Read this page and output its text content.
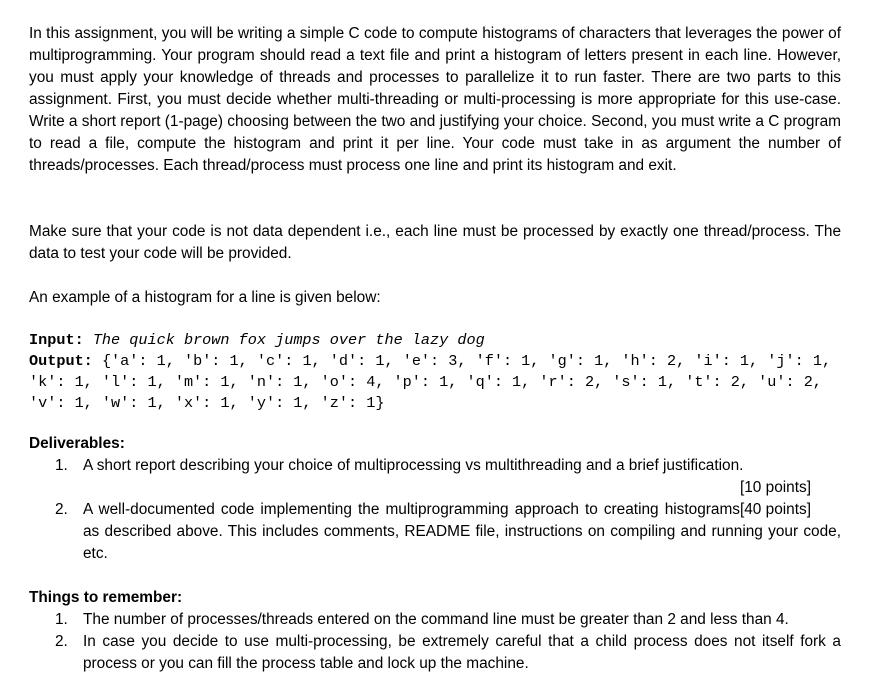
In this assignment, you will be writing a simple C code to compute histograms of characters that leverages the power of multiprogramming. Your program should read a text file and print a histogram of letters present in each line. However, you must apply your knowledge of threads and processes to parallelize it to run faster. There are two parts to this assignment. First, you must decide whether multi-threading or multi-processing is more appropriate for this use-case. Write a short report (1-page) choosing between the two and justifying your choice. Second, you must write a C program to read a file, compute the histogram and print it per line. Your code must take in as argument the number of threads/processes. Each thread/process must process one line and print its histogram and exit.

Make sure that your code is not data dependent i.e., each line must be processed by exactly one thread/process. The data to test your code will be provided.

An example of a histogram for a line is given below:

Input: The quick brown fox jumps over the lazy dog
Output: {'a': 1, 'b': 1, 'c': 1, 'd': 1, 'e': 3, 'f': 1, 'g': 1, 'h': 2, 'i': 1, 'j': 1, 'k': 1, 'l': 1, 'm': 1, 'n': 1, 'o': 4, 'p': 1, 'q': 1, 'r': 2, 's': 1, 't': 2, 'u': 2, 'v': 1, 'w': 1, 'x': 1, 'y': 1, 'z': 1}

Deliverables:

1. A short report describing your choice of multiprocessing vs multithreading and a brief justification.
[10 points]
2.	[40 points]
A well-documented code implementing the multiprogramming approach to creating histograms as described above. This includes comments, README file, instructions on compiling and running your code, etc.

Things to remember:

1. The number of processes/threads entered on the command line must be greater than 2 and less than 4.
2. In case you decide to use multi-processing, be extremely careful that a child process does not itself fork a process or you can fill the process table and lock up the machine.
